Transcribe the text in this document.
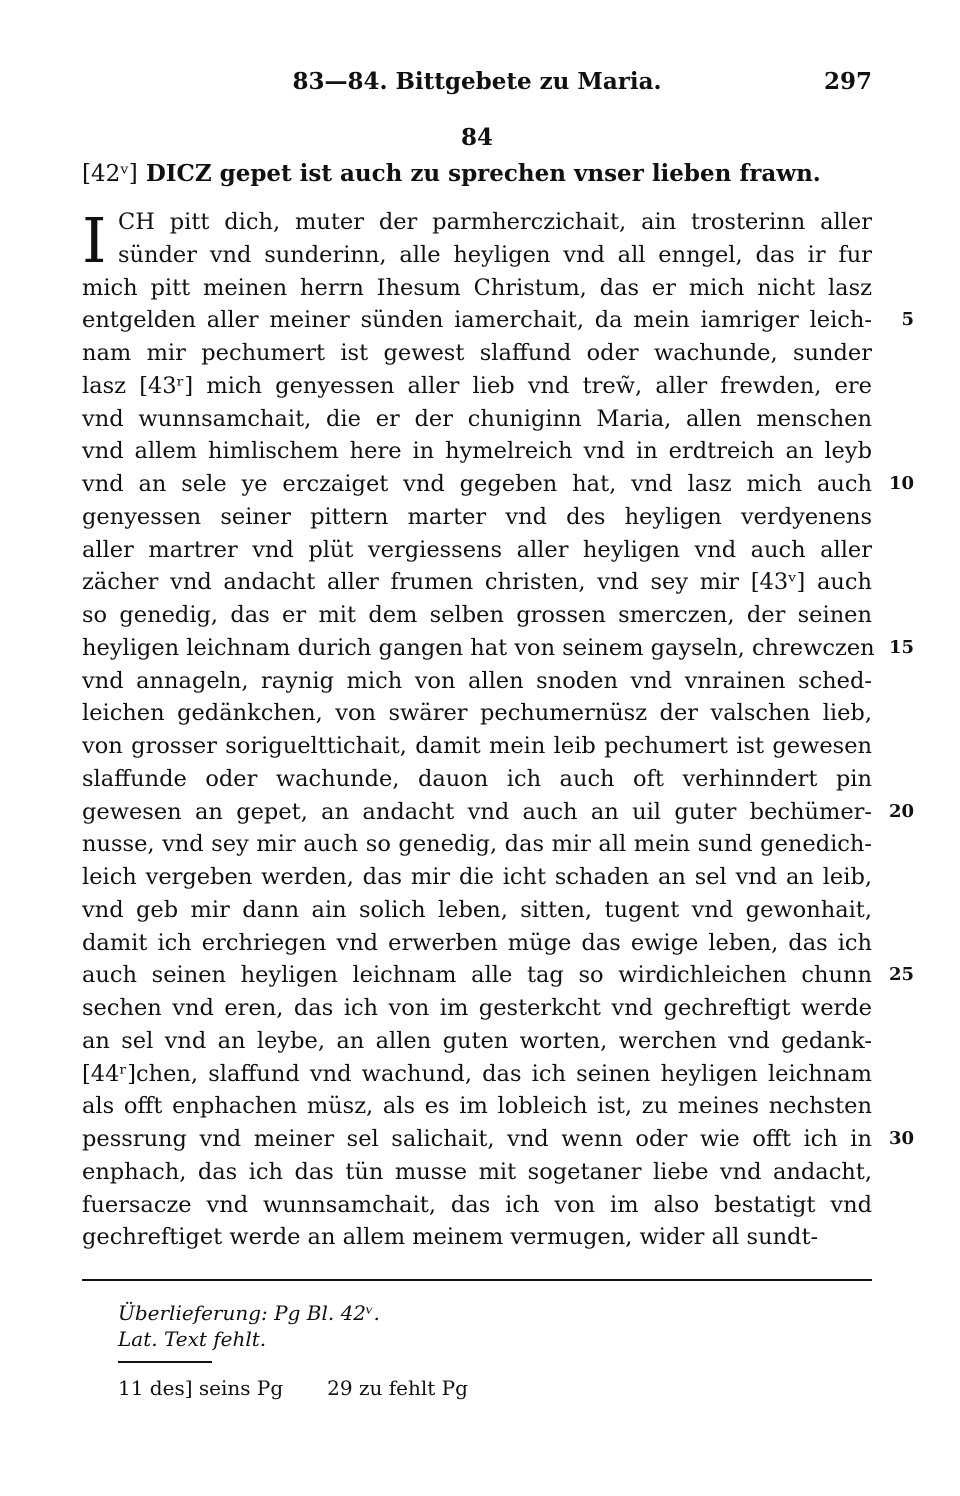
83—84. Bittgebete zu Maria.	297
84
[42ᵛ] DICZ gepet ist auch zu sprechen vnser lieben frawn.
I CH pitt dich, muter der parmherczichait, ain trosterinn aller
sünder vnd sunderinn, alle heyligen vnd all enngel, das ir fur
mich pitt meinen herrn Ihesum Christum, das er mich nicht lasz
entgelden aller meiner sünden iamerchait, da mein iamriger leich- 5
nam mir pechumert ist gewest slaffund oder wachunde, sunder
lasz [43ʳ] mich genyessen aller lieb vnd trew̃, aller frewden, ere
vnd wunnsamchait, die er der chuniginn Maria, allen menschen
vnd allem himlischem here in hymelreich vnd in erdtreich an leyb
vnd an sele ye erczaiget vnd gegeben hat, vnd lasz mich auch 10
genyessen seiner pittern marter vnd des heyligen verdyenens
aller martrer vnd plüt vergiessens aller heyligen vnd auch aller
zächer vnd andacht aller frumen christen, vnd sey mir [43ᵛ] auch
so genedig, das er mit dem selben grossen smerczen, der seinen
heyligen leichnam durich gangen hat von seinem gayseln, chrewczen 15
vnd annageln, raynig mich von allen snoden vnd vnrainen sched-
leichen gedänkchen, von swärer pechumernüsz der valschen lieb,
von grosser soriguelttichait, damit mein leib pechumert ist gewesen
slaffunde oder wachunde, dauon ich auch oft verhinndert pin
gewesen an gepet, an andacht vnd auch an uil guter bechümer- 20
nusse, vnd sey mir auch so genedig, das mir all mein sund genedich-
leich vergeben werden, das mir die icht schaden an sel vnd an leib,
vnd geb mir dann ain solich leben, sitten, tugent vnd gewonhait,
damit ich erchriegen vnd erwerben müge das ewige leben, das ich
auch seinen heyligen leichnam alle tag so wirdichleichen chunn 25
sechen vnd eren, das ich von im gesterkcht vnd gechreftigt werde
an sel vnd an leybe, an allen guten worten, werchen vnd gedank-
[44ʳ]chen, slaffund vnd wachund, das ich seinen heyligen leichnam
als offt enphachen müsz, als es im lobleich ist, zu meines nechsten
pessrung vnd meiner sel salichait, vnd wenn oder wie offt ich in 30
enphach, das ich das tün musse mit sogetaner liebe vnd andacht,
fuersacze vnd wunnsamchait, das ich von im also bestatigt vnd
gechreftiget werde an allem meinem vermugen, wider all sundt-
Überlieferung: Pg Bl. 42ᵛ.
Lat. Text fehlt.
11 des] seins Pg 29 zu fehlt Pg
